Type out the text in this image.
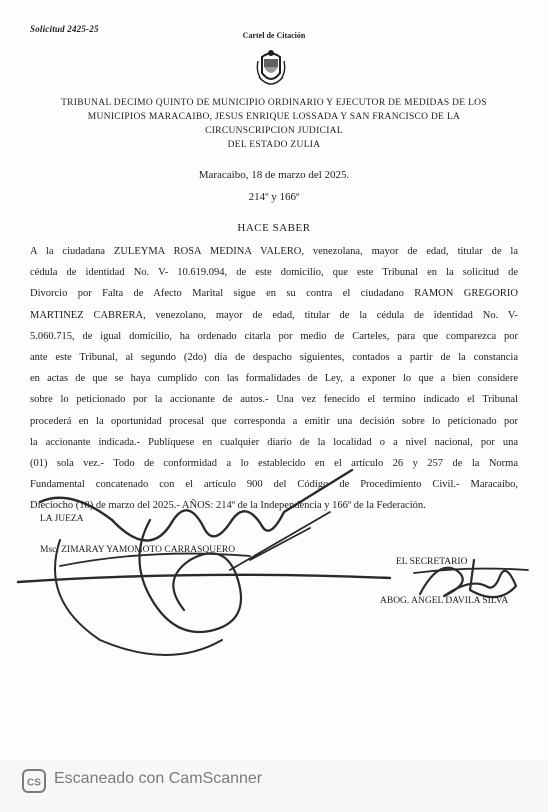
Solicitud 2425-25
Cartel de Citación
TRIBUNAL DECIMO QUINTO DE MUNICIPIO ORDINARIO Y EJECUTOR DE MEDIDAS DE LOS
MUNICIPIOS MARACAIBO, JESUS ENRIQUE LOSSADA Y SAN FRANCISCO DE LA
CIRCUNSCRIPCION JUDICIAL
DEL ESTADO ZULIA
Maracaibo, 18 de marzo del 2025.
214º y 166º
HACE SABER
A la ciudadana ZULEYMA ROSA MEDINA VALERO, venezolana, mayor de edad, titular de la
cédula de identidad No. V- 10.619.094, de este domicilio, que este Tribunal en la solicitud de
Divorcio por Falta de Afecto Marital sigue en su contra el ciudadano RAMON GREGORIO
MARTINEZ CABRERA, venezolano, mayor de edad, titular de la cédula de identidad No. V-
5.060.715, de igual domicilio, ha ordenado citarla por medio de Carteles, para que comparezca por
ante este Tribunal, al segundo (2do) día de despacho siguientes, contados a partir de la constancia
en actas de que se haya cumplido con las formalidades de Ley, a exponer lo que a bien considere
sobre lo peticionado por la accionante de autos.- Una vez fenecido el termino indicado el Tribunal
procederá en la oportunidad procesal que corresponda a emitir una decisión sobre lo peticionado por
la accionante indicada.- Publíquese en cualquier diario de la localidad o a nivel nacional, por una
(01) sola vez.- Todo de conformidad a lo establecido en el artículo 26 y 257 de la Norma
Fundamental concatenado con el artículo 900 del Código de Procedimiento Civil.- Maracaibo,
Dieciocho (18) de marzo del 2025.- AÑOS: 214º de la Independencia y 166º de la Federación.
LA JUEZA
Msc. ZIMARAY YAMOMOTO CARRASQUERO
EL SECRETARIO
ABOG. ANGEL DAVILA SILVA
CS Escaneado con CamScanner
